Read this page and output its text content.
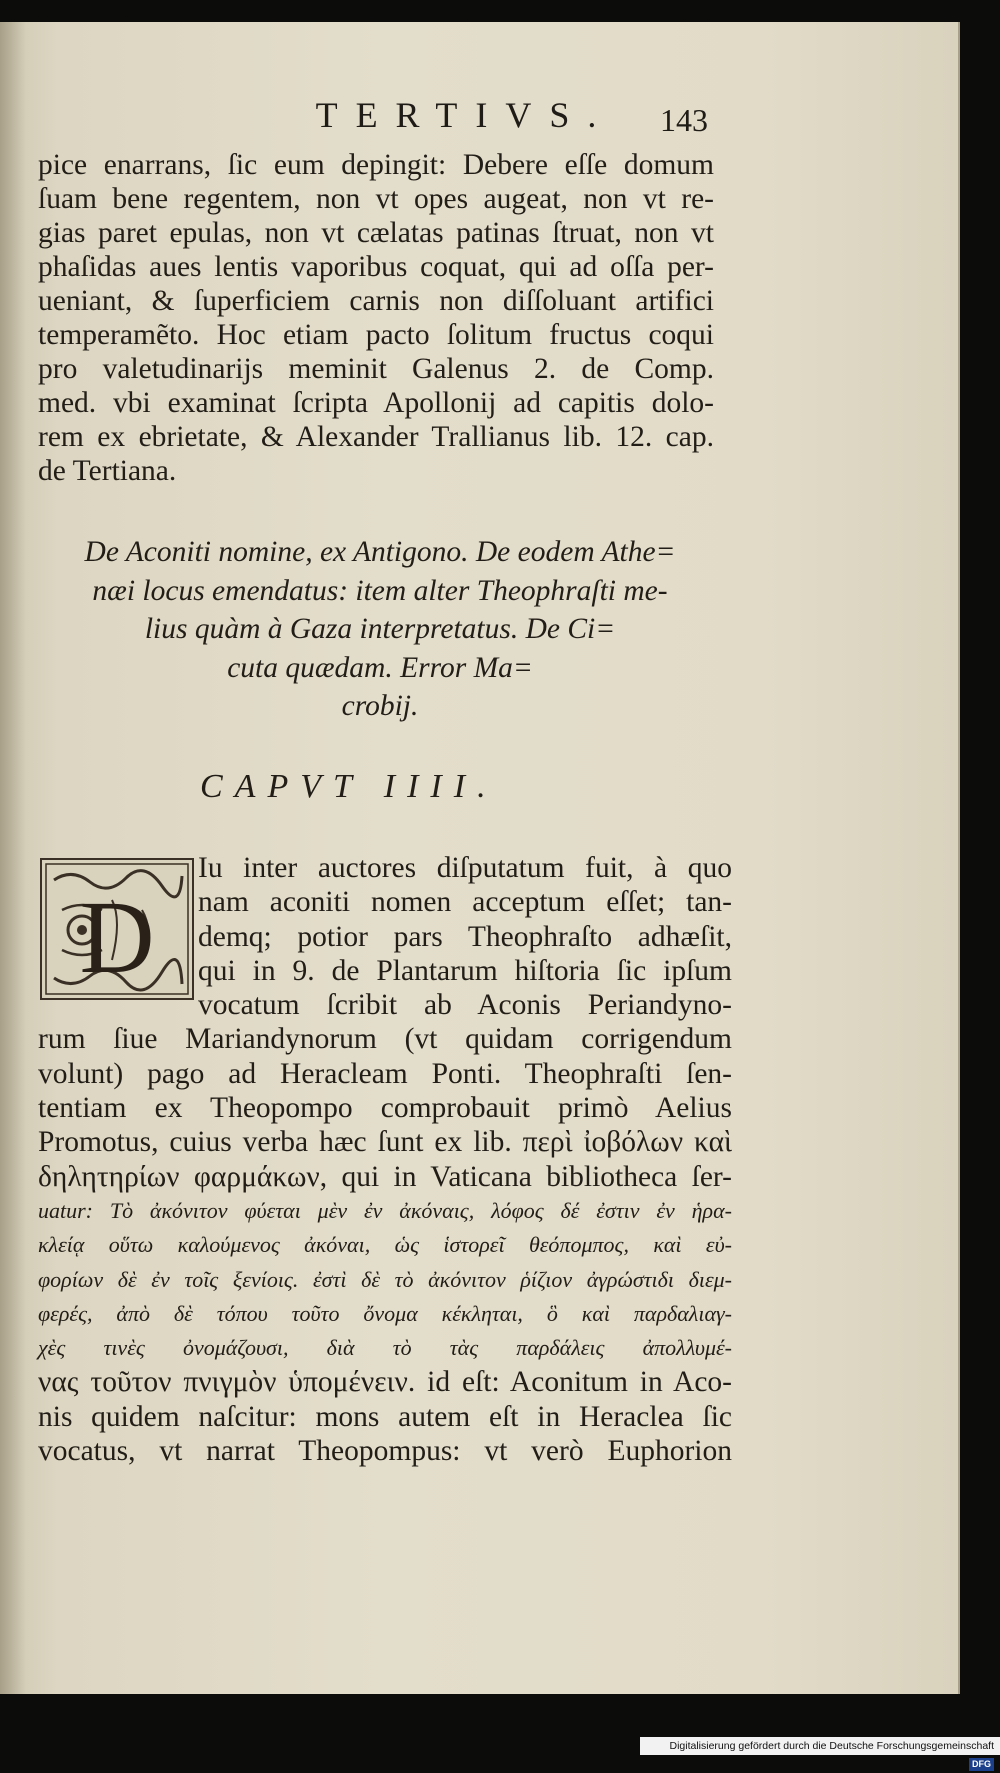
TERTIVS.	143
pice enarrans, ſic eum depingit: Debere eſſe domum
ſuam bene regentem, non vt opes augeat, non vt re-
gias paret epulas, non vt cælatas patinas ſtruat, non vt
phaſidas aues lentis vaporibus coquat, qui ad oſſa per-
ueniant, & ſuperficiem carnis non diſſoluant artifici
temperamẽto. Hoc etiam pacto ſolitum fructus coqui
pro valetudinarijs meminit Galenus 2. de Comp.
med. vbi examinat ſcripta Apollonij ad capitis dolo-
rem ex ebrietate, & Alexander Trallianus lib. 12. cap.
de Tertiana.
De Aconiti nomine, ex Antigono. De eodem Athe=
næi locus emendatus: item alter Theophraſti me-
lius quàm à Gaza interpretatus. De Ci=
cuta quædam. Error Ma=
crobij.
CAPVT IIII.
D
Iu inter auctores diſputatum fuit, à quo
nam aconiti nomen acceptum eſſet; tan-
demq; potior pars Theophraſto adhæſit,
qui in 9. de Plantarum hiſtoria ſic ipſum
vocatum ſcribit ab Aconis Periandyno-
rum ſiue Mariandynorum (vt quidam corrigendum
volunt) pago ad Heracleam Ponti. Theophraſti ſen-
tentiam ex Theopompo comprobauit primò Aelius
Promotus, cuius verba hæc ſunt ex lib. περὶ ἰοβόλων καὶ
δηλητηρίων φαρμάκων, qui in Vaticana bibliotheca ſer-
uatur: Τὸ ἀκόνιτον φύεται μὲν ἐν ἀκόναις, λόφος δέ ἐστιν ἐν ἡρα-
κλείᾳ οὕτω καλούμενος ἀκόναι, ὡς ἱστορεῖ θεόπομπος, καὶ εὐ-
φορίων δὲ ἐν τοῖς ξενίοις. ἐστὶ δὲ τὸ ἀκόνιτον ῥίζιον ἀγρώστιδι διεμ-
φερές, ἀπὸ δὲ τόπου τοῦτο ὄνομα κέκληται, ὃ καὶ παρδαλιαγ-
χὲς τινὲς ὀνομάζουσι, διὰ τὸ τὰς παρδάλεις ἀπολλυμέ-
νας τοῦτον πνιγμὸν ὑπομένειν. id eſt: Aconitum in Aco-
nis quidem naſcitur: mons autem eſt in Heraclea ſic
vocatus, vt narrat Theopompus: vt verò Euphorion
Digitalisierung gefördert durch die Deutsche Forschungsgemeinschaft DFG
